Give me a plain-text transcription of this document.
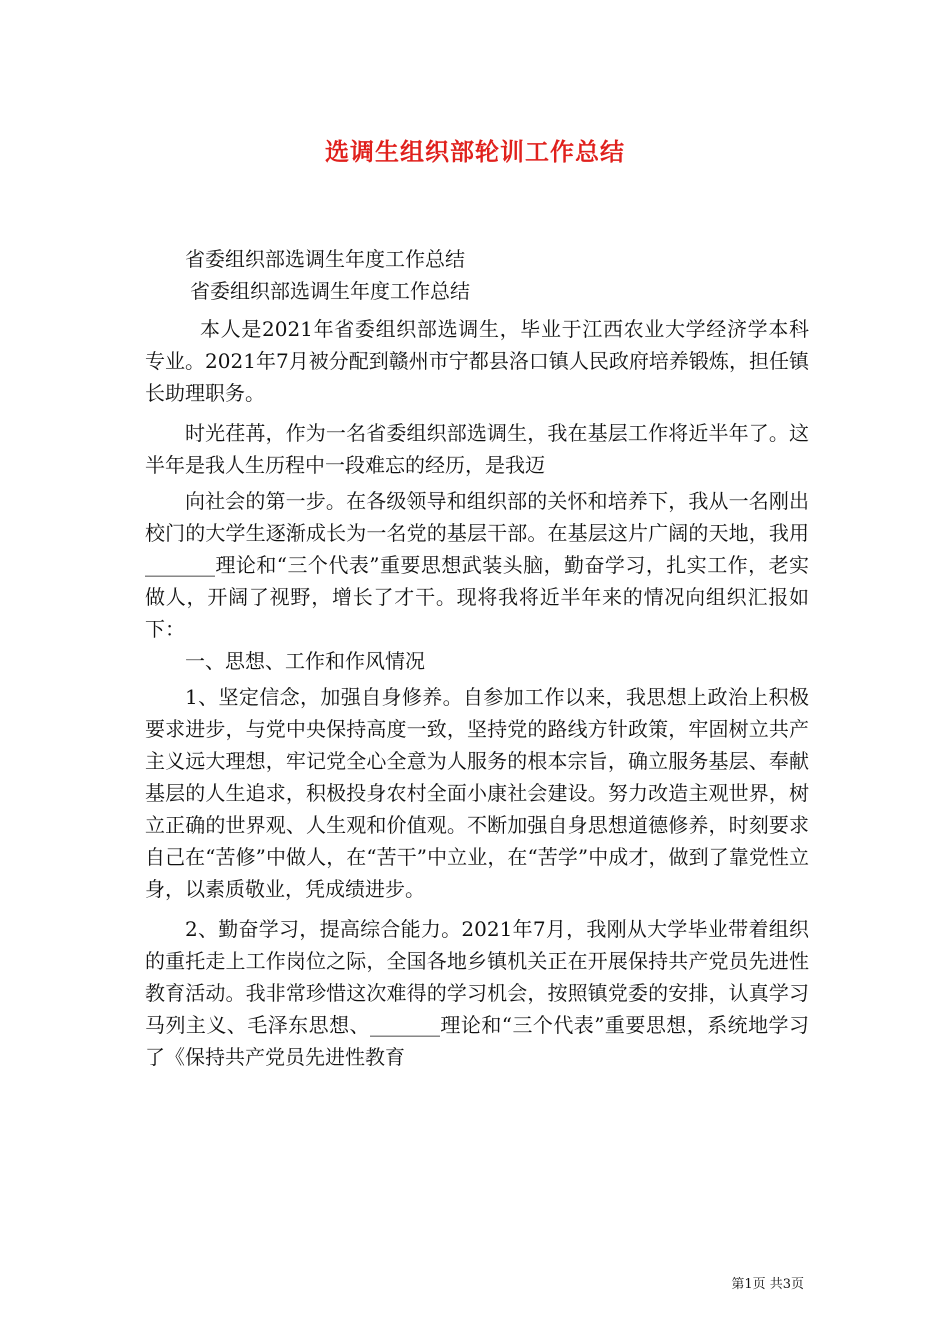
选调生组织部轮训工作总结

省委组织部选调生年度工作总结

省委组织部选调生年度工作总结

本人是2021年省委组织部选调生，毕业于江西农业大学经济学本科专业。2021年7月被分配到赣州市宁都县洛口镇人民政府培养锻炼，担任镇长助理职务。

时光荏苒，作为一名省委组织部选调生，我在基层工作将近半年了。这半年是我人生历程中一段难忘的经历，是我迈

向社会的第一步。在各级领导和组织部的关怀和培养下，我从一名刚出校门的大学生逐渐成长为一名党的基层干部。在基层这片广阔的天地，我用_______理论和“三个代表”重要思想武装头脑，勤奋学习，扎实工作，老实做人，开阔了视野，增长了才干。现将我将近半年来的情况向组织汇报如下：

一、思想、工作和作风情况

1、坚定信念，加强自身修养。自参加工作以来，我思想上政治上积极要求进步，与党中央保持高度一致，坚持党的路线方针政策，牢固树立共产主义远大理想，牢记党全心全意为人服务的根本宗旨，确立服务基层、奉献基层的人生追求，积极投身农村全面小康社会建设。努力改造主观世界，树立正确的世界观、人生观和价值观。不断加强自身思想道德修养，时刻要求自己在“苦修”中做人，在“苦干”中立业，在“苦学”中成才，做到了靠党性立身，以素质敬业，凭成绩进步。

2、勤奋学习，提高综合能力。2021年7月，我刚从大学毕业带着组织的重托走上工作岗位之际，全国各地乡镇机关正在开展保持共产党员先进性教育活动。我非常珍惜这次难得的学习机会，按照镇党委的安排，认真学习马列主义、毛泽东思想、_______理论和“三个代表”重要思想，系统地学习了《保持共产党员先进性教育

第1页 共3页
